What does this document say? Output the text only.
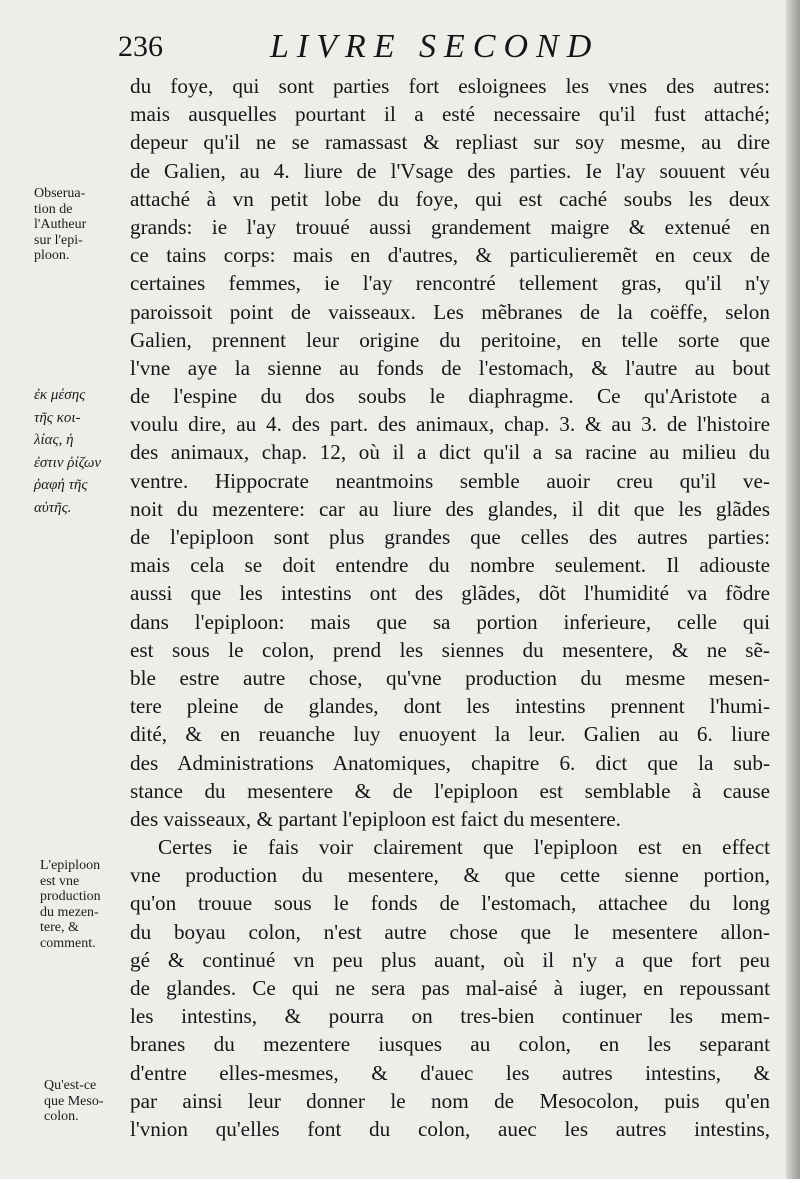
236	LIVRE SECOND
du foye, qui sont parties fort esloignees les vnes des autres:
mais ausquelles pourtant il a esté necessaire qu'il fust attaché;
depeur qu'il ne se ramassast & repliast sur soy mesme, au dire
de Galien, au 4. liure de l'Vsage des parties. Ie l'ay souuent véu
attaché à vn petit lobe du foye, qui est caché soubs les deux
grands: ie l'ay trouué aussi grandement maigre & extenué en
ce tains corps: mais en d'autres, & particulieremẽt en ceux de
certaines femmes, ie l'ay rencontré tellement gras, qu'il n'y
paroissoit point de vaisseaux. Les mẽbranes de la coëffe, selon
Galien, prennent leur origine du peritoine, en telle sorte que
l'vne aye la sienne au fonds de l'estomach, & l'autre au bout
de l'espine du dos soubs le diaphragme. Ce qu'Aristote a
voulu dire, au 4. des part. des animaux, chap. 3. & au 3. de l'histoire
des animaux, chap. 12, où il a dict qu'il a sa racine au milieu du
ventre. Hippocrate neantmoins semble auoir creu qu'il ve-
noit du mezentere: car au liure des glandes, il dit que les glãdes
de l'epiploon sont plus grandes que celles des autres parties:
mais cela se doit entendre du nombre seulement. Il adiouste
aussi que les intestins ont des glãdes, dõt l'humidité va fõdre
dans l'epiploon: mais que sa portion inferieure, celle qui
est sous le colon, prend les siennes du mesentere, & ne sẽ-
ble estre autre chose, qu'vne production du mesme mesen-
tere pleine de glandes, dont les intestins prennent l'humi-
dité, & en reuanche luy enuoyent la leur. Galien au 6. liure
des Administrations Anatomiques, chapitre 6. dict que la sub-
stance du mesentere & de l'epiploon est semblable à cause
des vaisseaux, & partant l'epiploon est faict du mesentere.
Certes ie fais voir clairement que l'epiploon est en effect
vne production du mesentere, & que cette sienne portion,
qu'on trouue sous le fonds de l'estomach, attachee du long
du boyau colon, n'est autre chose que le mesentere allon-
gé & continué vn peu plus auant, où il n'y a que fort peu
de glandes. Ce qui ne sera pas mal-aisé à iuger, en repoussant
les intestins, & pourra on tres-bien continuer les mem-
branes du mezentere iusques au colon, en les separant
d'entre elles-mesmes, & d'auec les autres intestins, &
par ainsi leur donner le nom de Mesocolon, puis qu'en
l'vnion qu'elles font du colon, auec les autres intestins,
Obserua-
tion de
l'Autheur
sur l'epi-
ploon.
ἐκ μέσης
τῆς κοι-
λίας, ἡ
ἐστιν ῥίζων
ῥαφή τῆς
αὐτῆς.
L'epiploon
est vne
production
du mezen-
tere, &
comment.
Qu'est-ce
que Meso-
colon.
